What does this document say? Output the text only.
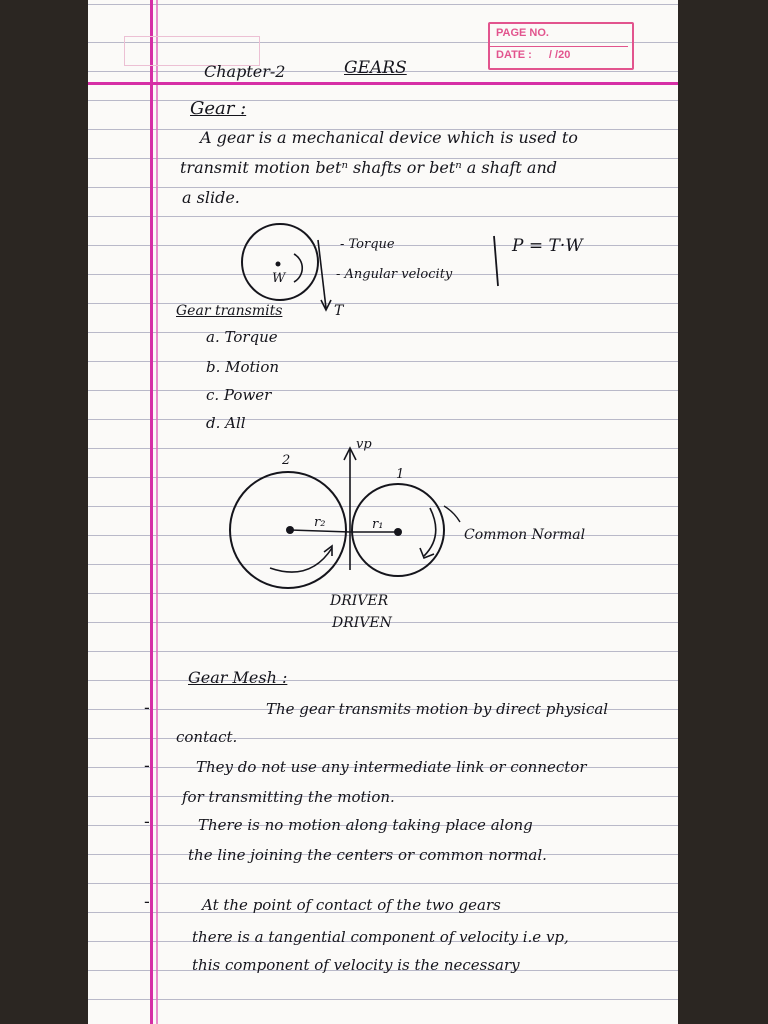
PAGE NO.
DATE : / /20
Chapter-2	GEARS
Gear :
A gear is a mechanical device which is used to
transmit motion betⁿ shafts or betⁿ a shaft and
a slide.
W
- Torque
- Angular velocity
T
P = T·W
Gear transmits
a. Torque
b. Motion
c. Power
d. All
2
1
vp
r₂	r₁
Common Normal
DRIVER
DRIVEN
Gear Mesh :
-	The gear transmits motion by direct physical
contact.
-	They do not use any intermediate link or connector
for transmitting the motion.
-	There is no motion along taking place along
the line joining the centers or common normal.
-	At the point of contact of the two gears
there is a tangential component of velocity i.e vp,
this component of velocity is the necessary
